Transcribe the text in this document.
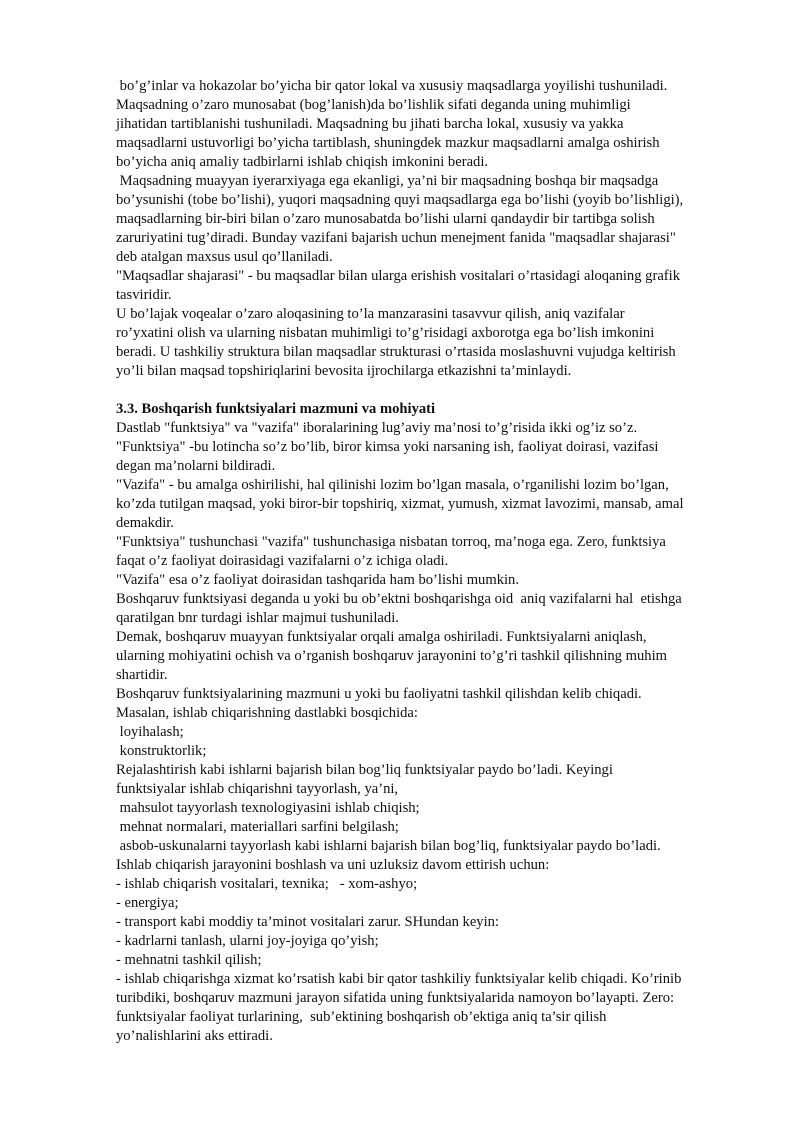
bo’g’inlar va hokazolar bo’yicha bir qator lokal va xususiy maqsadlarga yoyilishi tushuniladi.
Maqsadning o’zaro munosabat (bog’lanish)da bo’lishlik sifati deganda uning muhimligi
jihatidan tartiblanishi tushuniladi. Maqsadning bu jihati barcha lokal, xususiy va yakka
maqsadlarni ustuvorligi bo’yicha tartiblash, shuningdek mazkur maqsadlarni amalga oshirish
bo’yicha aniq amaliy tadbirlarni ishlab chiqish imkonini beradi.
Maqsadning muayyan iyerarxiyaga ega ekanligi, ya’ni bir maqsadning boshqa bir maqsadga
bo’ysunishi (tobe bo’lishi), yuqori maqsadning quyi maqsadlarga ega bo’lishi (yoyib bo’lishligi),
maqsadlarning bir-biri bilan o’zaro munosabatda bo’lishi ularni qandaydir bir tartibga solish
zaruriyatini tug’diradi. Bunday vazifani bajarish uchun menejment fanida "maqsadlar shajarasi"
deb atalgan maxsus usul qo’llaniladi.
"Maqsadlar shajarasi" - bu maqsadlar bilan ularga erishish vositalari o’rtasidagi aloqaning grafik
tasviridir.
U bo’lajak voqealar o’zaro aloqasining to’la manzarasini tasavvur qilish, aniq vazifalar
ro’yxatini olish va ularning nisbatan muhimligi to’g’risidagi axborotga ega bo’lish imkonini
beradi. U tashkiliy struktura bilan maqsadlar strukturasi o’rtasida moslashuvni vujudga keltirish
yo’li bilan maqsad topshiriqlarini bevosita ijrochilarga etkazishni ta’minlaydi.
3.3. Boshqarish funktsiyalari mazmuni va mohiyati
Dastlab "funktsiya" va "vazifa" iboralarining lug’aviy ma’nosi to’g’risida ikki og’iz so’z.
"Funktsiya" -bu lotincha so’z bo’lib, biror kimsa yoki narsaning ish, faoliyat doirasi, vazifasi
degan ma’nolarni bildiradi.
"Vazifa" - bu amalga oshirilishi, hal qilinishi lozim bo’lgan masala, o’rganilishi lozim bo’lgan,
ko’zda tutilgan maqsad, yoki biror-bir topshiriq, xizmat, yumush, xizmat lavozimi, mansab, amal
demakdir.
"Funktsiya" tushunchasi "vazifa" tushunchasiga nisbatan torroq, ma’noga ega. Zero, funktsiya
faqat o’z faoliyat doirasidagi vazifalarni o’z ichiga oladi.
"Vazifa" esa o’z faoliyat doirasidan tashqarida ham bo’lishi mumkin.
Boshqaruv funktsiyasi deganda u yoki bu ob’ektni boshqarishga oid  aniq vazifalarni hal  etishga
qaratilgan bnr turdagi ishlar majmui tushuniladi.
Demak, boshqaruv muayyan funktsiyalar orqali amalga oshiriladi. Funktsiyalarni aniqlash,
ularning mohiyatini ochish va o’rganish boshqaruv jarayonini to’g’ri tashkil qilishning muhim
shartidir.
Boshqaruv funktsiyalarining mazmuni u yoki bu faoliyatni tashkil qilishdan kelib chiqadi.
Masalan, ishlab chiqarishning dastlabki bosqichida:
loyihalash;
konstruktorlik;
Rejalashtirish kabi ishlarni bajarish bilan bog’liq funktsiyalar paydo bo’ladi. Keyingi
funktsiyalar ishlab chiqarishni tayyorlash, ya’ni,
mahsulot tayyorlash texnologiyasini ishlab chiqish;
mehnat normalari, materiallari sarfini belgilash;
asbob-uskunalarni tayyorlash kabi ishlarni bajarish bilan bog’liq, funktsiyalar paydo bo’ladi.
Ishlab chiqarish jarayonini boshlash va uni uzluksiz davom ettirish uchun:
- ishlab chiqarish vositalari, texnika;   - xom-ashyo;
- energiya;
- transport kabi moddiy ta’minot vositalari zarur. SHundan keyin:
- kadrlarni tanlash, ularni joy-joyiga qo’yish;
- mehnatni tashkil qilish;
- ishlab chiqarishga xizmat ko’rsatish kabi bir qator tashkiliy funktsiyalar kelib chiqadi. Ko’rinib
turibdiki, boshqaruv mazmuni jarayon sifatida uning funktsiyalarida namoyon bo’layapti. Zero:
funktsiyalar faoliyat turlarining,  sub’ektining boshqarish ob’ektiga aniq ta’sir qilish
yo’nalishlarini aks ettiradi.
